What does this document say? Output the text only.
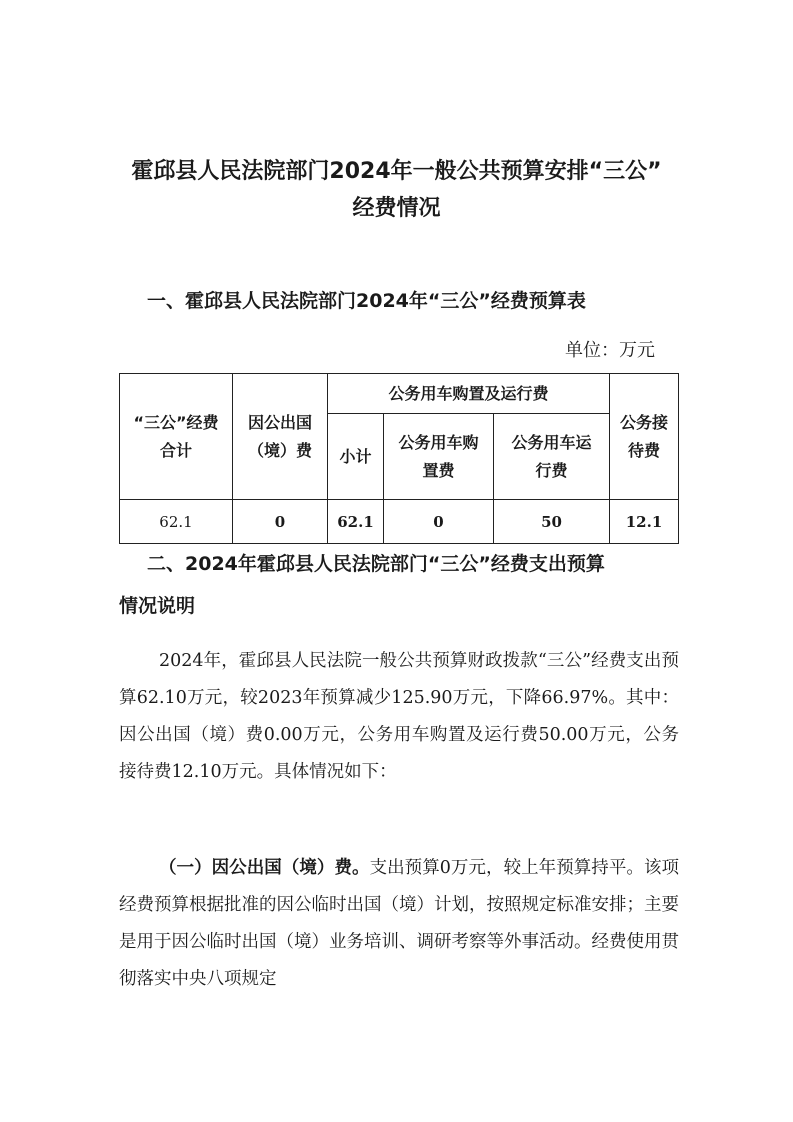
霍邱县人民法院部门2024年一般公共预算安排“三公”
经费情况
一、霍邱县人民法院部门2024年“三公”经费预算表
单位：万元
“三公”经费合计	因公出国（境）费	公务用车购置及运行费			公务接待费
		小计	公务用车购置费	公务用车运行费	
62.1	0	62.1	0	50	12.1
二、2024年霍邱县人民法院部门“三公”经费支出预算
情况说明

2024年，霍邱县人民法院一般公共预算财政拨款“三公”经费支出预算62.10万元，较2023年预算减少125.90万元，下降66.97%。其中：因公出国（境）费0.00万元，公务用车购置及运行费50.00万元，公务接待费12.10万元。具体情况如下：

（一）因公出国（境）费。支出预算0万元，较上年预算持平。该项经费预算根据批准的因公临时出国（境）计划，按照规定标准安排；主要是用于因公临时出国（境）业务培训、调研考察等外事活动。经费使用贯彻落实中央八项规定
